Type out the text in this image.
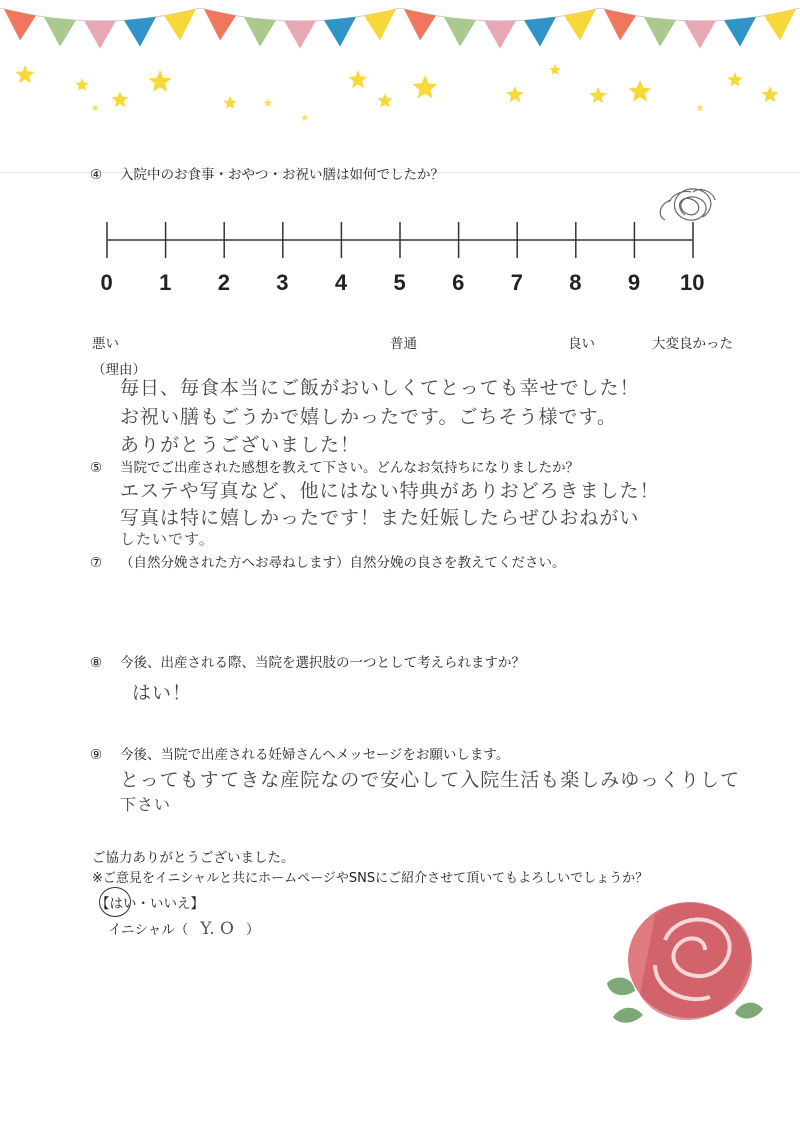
④ 入院中のお食事・おやつ・お祝い膳は如何でしたか？
0 1 2 3 4 5 6 7 8 9 10
悪い	普通	良い	大変良かった
（理由）
毎日、毎食本当にご飯がおいしくてとっても幸せでした！
お祝い膳もごうかで嬉しかったです。ごちそう様です。
ありがとうございました！
⑤ 当院でご出産された感想を教えて下さい。どんなお気持ちになりましたか？
エステや写真など、他にはない特典がありおどろきました！
写真は特に嬉しかったです！また妊娠したらぜひおねがい
したいです。
⑦ （自然分娩された方へお尋ねします）自然分娩の良さを教えてください。
⑧ 今後、出産される際、当院を選択肢の一つとして考えられますか？
はい！
⑨ 今後、当院で出産される妊婦さんへメッセージをお願いします。
とってもすてきな産院なので安心して入院生活も楽しみゆっくりして
下さい
ご協力ありがとうございました。
※ご意見をイニシャルと共にホームページやSNSにご紹介させて頂いてもよろしいでしょうか？
【はい・いいえ】
イニシャル（ Y. O ）
